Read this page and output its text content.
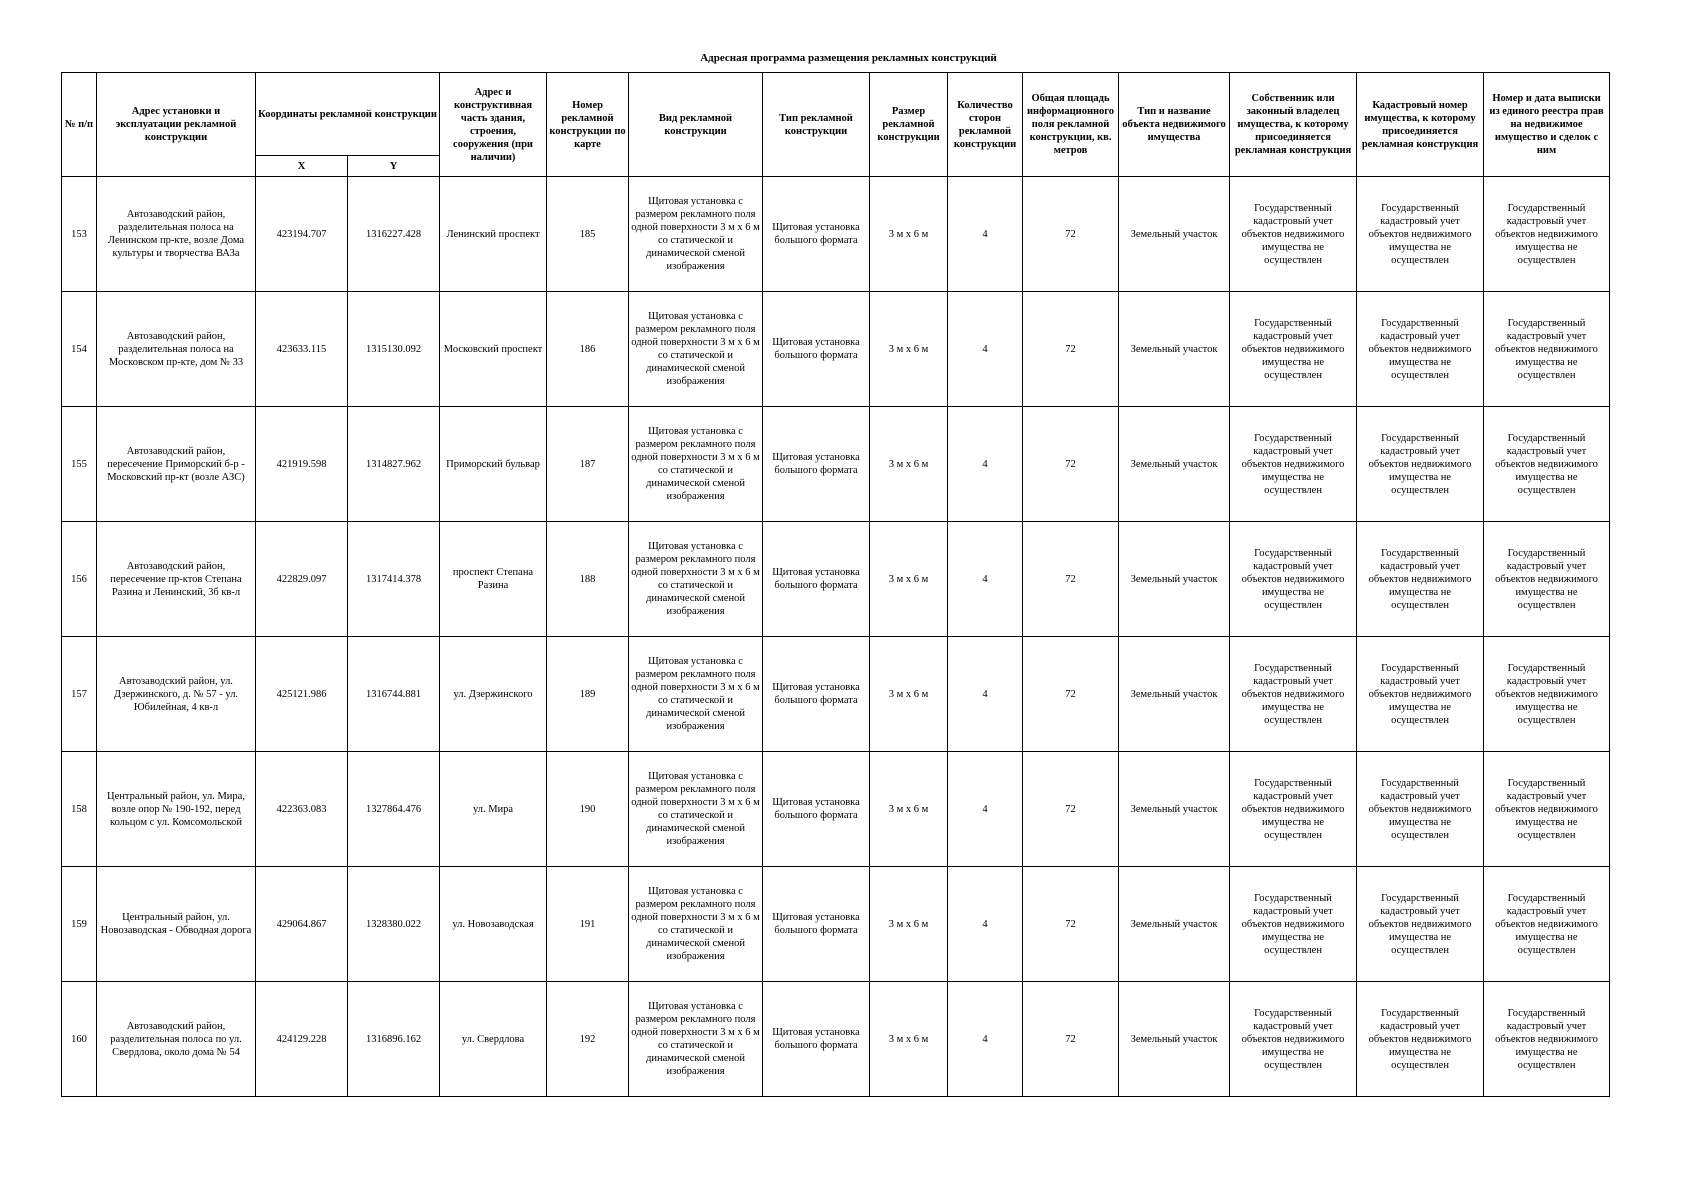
Адресная программа размещения рекламных конструкций
№ п/п	Адрес установки и эксплуатации рекламной конструкции	Координаты рекламной конструкции		Адрес и конструктивная часть здания, строения, сооружения (при наличии)	Номер рекламной конструкции по карте	Вид рекламной конструкции	Тип рекламной конструкции	Размер рекламной конструкции	Количество сторон рекламной конструкции	Общая площадь информационного поля рекламной конструкции, кв. метров	Тип и название объекта недвижимого имущества	Собственник или законный владелец имущества, к которому присоединяется рекламная конструкция	Кадастровый номер имущества, к которому присоединяется рекламная конструкция	Номер и дата выписки из единого реестра прав на недвижимое имущество и сделок с ним
		X	Y											
153	Автозаводский район, разделительная полоса на Ленинском пр-кте, возле Дома культуры и творчества ВАЗа	423194.707	1316227.428	Ленинский проспект	185	Щитовая установка с размером рекламного поля одной поверхности 3 м х 6 м со статической и динамической сменой изображения	Щитовая установка большого формата	3 м х 6 м	4	72	Земельный участок	Государственный кадастровый учет объектов недвижимого имущества не осуществлен	Государственный кадастровый учет объектов недвижимого имущества не осуществлен	Государственный кадастровый учет объектов недвижимого имущества не осуществлен
154	Автозаводский район, разделительная полоса на Московском пр-кте, дом № 33	423633.115	1315130.092	Московский проспект	186	Щитовая установка с размером рекламного поля одной поверхности 3 м х 6 м со статической и динамической сменой изображения	Щитовая установка большого формата	3 м х 6 м	4	72	Земельный участок	Государственный кадастровый учет объектов недвижимого имущества не осуществлен	Государственный кадастровый учет объектов недвижимого имущества не осуществлен	Государственный кадастровый учет объектов недвижимого имущества не осуществлен
155	Автозаводский район, пересечение Приморский б-р - Московский пр-кт (возле АЗС)	421919.598	1314827.962	Приморский бульвар	187	Щитовая установка с размером рекламного поля одной поверхности 3 м х 6 м со статической и динамической сменой изображения	Щитовая установка большого формата	3 м х 6 м	4	72	Земельный участок	Государственный кадастровый учет объектов недвижимого имущества не осуществлен	Государственный кадастровый учет объектов недвижимого имущества не осуществлен	Государственный кадастровый учет объектов недвижимого имущества не осуществлен
156	Автозаводский район, пересечение пр-ктов Степана Разина и Ленинский, 3б кв-л	422829.097	1317414.378	проспект Степана Разина	188	Щитовая установка с размером рекламного поля одной поверхности 3 м х 6 м со статической и динамической сменой изображения	Щитовая установка большого формата	3 м х 6 м	4	72	Земельный участок	Государственный кадастровый учет объектов недвижимого имущества не осуществлен	Государственный кадастровый учет объектов недвижимого имущества не осуществлен	Государственный кадастровый учет объектов недвижимого имущества не осуществлен
157	Автозаводский район, ул. Дзержинского, д. № 57 - ул. Юбилейная, 4 кв-л	425121.986	1316744.881	ул. Дзержинского	189	Щитовая установка с размером рекламного поля одной поверхности 3 м х 6 м со статической и динамической сменой изображения	Щитовая установка большого формата	3 м х 6 м	4	72	Земельный участок	Государственный кадастровый учет объектов недвижимого имущества не осуществлен	Государственный кадастровый учет объектов недвижимого имущества не осуществлен	Государственный кадастровый учет объектов недвижимого имущества не осуществлен
158	Центральный район, ул. Мира, возле опор № 190-192, перед кольцом с ул. Комсомольской	422363.083	1327864.476	ул. Мира	190	Щитовая установка с размером рекламного поля одной поверхности 3 м х 6 м со статической и динамической сменой изображения	Щитовая установка большого формата	3 м х 6 м	4	72	Земельный участок	Государственный кадастровый учет объектов недвижимого имущества не осуществлен	Государственный кадастровый учет объектов недвижимого имущества не осуществлен	Государственный кадастровый учет объектов недвижимого имущества не осуществлен
159	Центральный район, ул. Новозаводская - Обводная дорога	429064.867	1328380.022	ул. Новозаводская	191	Щитовая установка с размером рекламного поля одной поверхности 3 м х 6 м со статической и динамической сменой изображения	Щитовая установка большого формата	3 м х 6 м	4	72	Земельный участок	Государственный кадастровый учет объектов недвижимого имущества не осуществлен	Государственный кадастровый учет объектов недвижимого имущества не осуществлен	Государственный кадастровый учет объектов недвижимого имущества не осуществлен
160	Автозаводский район, разделительная полоса по ул. Свердлова, около дома № 54	424129.228	1316896.162	ул. Свердлова	192	Щитовая установка с размером рекламного поля одной поверхности 3 м х 6 м со статической и динамической сменой изображения	Щитовая установка большого формата	3 м х 6 м	4	72	Земельный участок	Государственный кадастровый учет объектов недвижимого имущества не осуществлен	Государственный кадастровый учет объектов недвижимого имущества не осуществлен	Государственный кадастровый учет объектов недвижимого имущества не осуществлен
